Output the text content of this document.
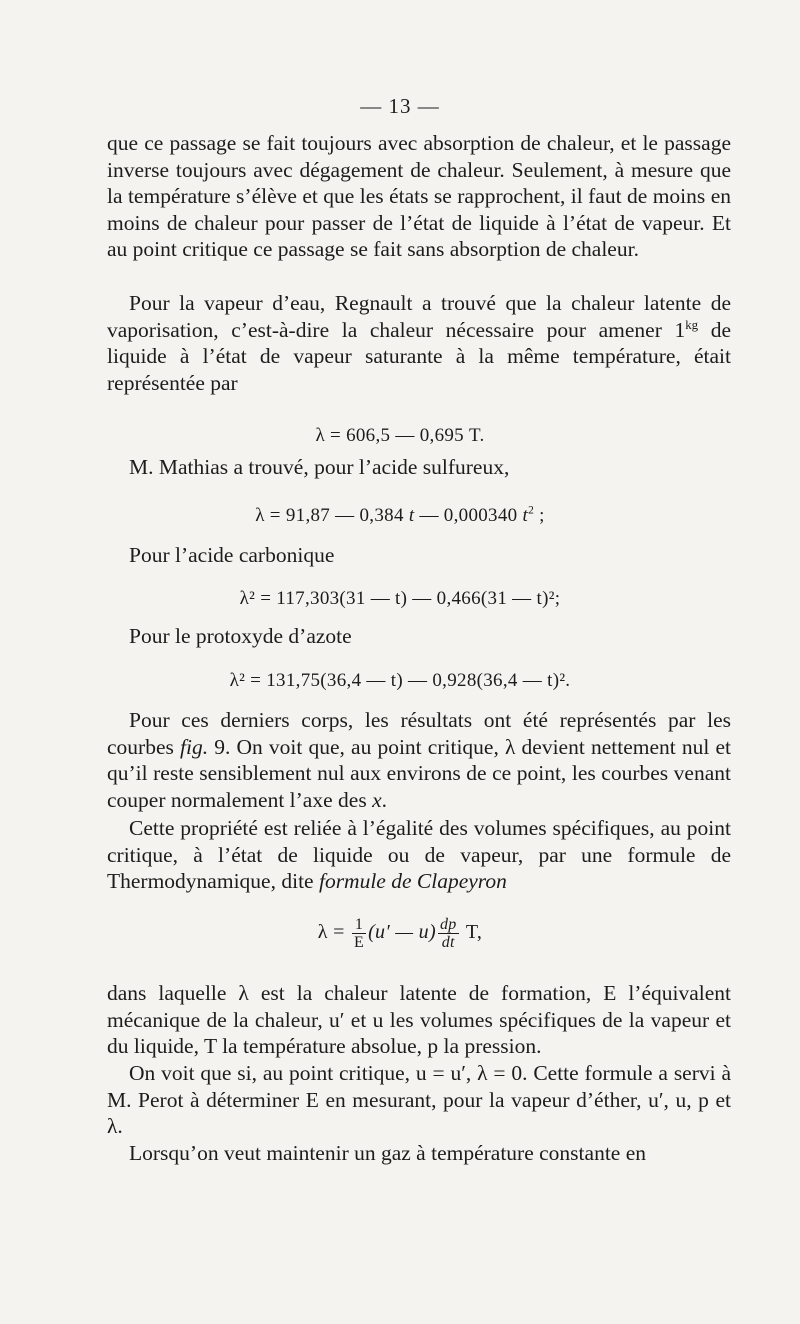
— 13 —
que ce passage se fait toujours avec absorption de chaleur, et le passage inverse toujours avec dégagement de chaleur. Seulement, à mesure que la température s’élève et que les états se rapprochent, il faut de moins en moins de chaleur pour passer de l’état de liquide à l’état de vapeur. Et au point critique ce passage se fait sans absorption de chaleur.
Pour la vapeur d’eau, Regnault a trouvé que la chaleur latente de vaporisation, c’est-à-dire la chaleur nécessaire pour amener $1^{kg}$ de liquide à l’état de vapeur saturante à la même température, était représentée par
λ = 606,5 — 0,695 T.
M. Mathias a trouvé, pour l’acide sulfureux,
λ = 91,87 — 0,384 t — 0,000340 $t^2$ ;
Pour l’acide carbonique
λ² = 117,303(31 — t) — 0,466(31 — t)²;
Pour le protoxyde d’azote
λ² = 131,75(36,4 — t) — 0,928(36,4 — t)².
Pour ces derniers corps, les résultats ont été représentés par les courbes fig. 9. On voit que, au point critique, λ devient nettement nul et qu’il reste sensiblement nul aux environs de ce point, les courbes venant couper normalement l’axe des x.
Cette propriété est reliée à l’égalité des volumes spécifiques, au point critique, à l’état de liquide ou de vapeur, par une formule de Thermodynamique, dite formule de Clapeyron
$\lambda = \frac{1}{E} (u'$ — $u) \frac{dp}{dt} T$,
dans laquelle λ est la chaleur latente de formation, E l’équivalent mécanique de la chaleur, u′ et u les volumes spécifiques de la vapeur et du liquide, T la température absolue, p la pression.
On voit que si, au point critique, u = u′, λ = 0. Cette formule a servi à M. Perot à déterminer E en mesurant, pour la vapeur d’éther, u′, u, p et λ.
Lorsqu’on veut maintenir un gaz à température constante en
